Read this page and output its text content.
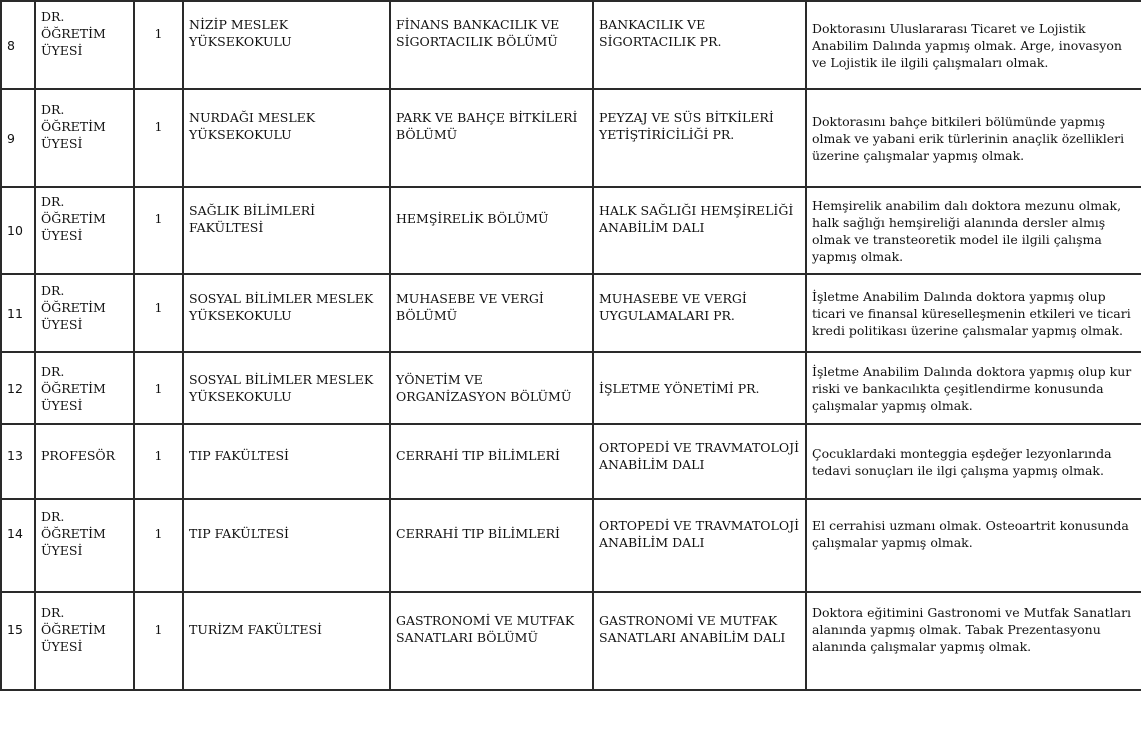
8	DR. ÖĞRETİM ÜYESİ	1	NİZİP MESLEK YÜKSEKOKULU	FİNANS BANKACILIK VE SİGORTACILIK BÖLÜMÜ	BANKACILIK VE SİGORTACILIK PR.	Doktorasını Uluslararası Ticaret ve Lojistik Anabilim Dalında yapmış olmak. Arge, inovasyon ve Lojistik ile ilgili çalışmaları olmak.
9	DR. ÖĞRETİM ÜYESİ	1	NURDAĞI MESLEK YÜKSEKOKULU	PARK VE BAHÇE BİTKİLERİ BÖLÜMÜ	PEYZAJ VE SÜS BİTKİLERİ YETİŞTİRİCİLİĞİ PR.	Doktorasını bahçe bitkileri bölümünde yapmış olmak ve yabani erik türlerinin anaçlik özellikleri üzerine çalışmalar yapmış olmak.
10	DR. ÖĞRETİM ÜYESİ	1	SAĞLIK BİLİMLERİ FAKÜLTESİ	HEMŞİRELİK BÖLÜMÜ	HALK SAĞLIĞI HEMŞİRELİĞİ ANABİLİM DALI	Hemşirelik anabilim dalı doktora mezunu olmak, halk sağlığı hemşireliği alanında dersler almış olmak ve transteoretik model ile ilgili çalışma yapmış olmak.
11	DR. ÖĞRETİM ÜYESİ	1	SOSYAL BİLİMLER MESLEK YÜKSEKOKULU	MUHASEBE VE VERGİ BÖLÜMÜ	MUHASEBE VE VERGİ UYGULAMALARI PR.	İşletme Anabilim Dalında doktora yapmış olup ticari ve finansal küreselleşmenin etkileri ve ticari kredi politikası üzerine çalısmalar yapmış olmak.
12	DR. ÖĞRETİM ÜYESİ	1	SOSYAL BİLİMLER MESLEK YÜKSEKOKULU	YÖNETİM VE ORGANİZASYON BÖLÜMÜ	İŞLETME YÖNETİMİ PR.	İşletme Anabilim Dalında doktora yapmış olup kur riski ve bankacılıkta çeşitlendirme konusunda çalışmalar yapmış olmak.

13	PROFESÖR	1	TIP FAKÜLTESİ	CERRAHİ TIP BİLİMLERİ	ORTOPEDİ VE TRAVMATOLOJİ ANABİLİM DALI	Çocuklardaki monteggia eşdeğer lezyonlarında tedavi sonuçları ile ilgi çalışma yapmış olmak.

14	DR. ÖĞRETİM ÜYESİ	1	TIP FAKÜLTESİ	CERRAHİ TIP BİLİMLERİ	ORTOPEDİ VE TRAVMATOLOJİ ANABİLİM DALI	El cerrahisi uzmanı olmak. Osteoartrit konusunda çalışmalar yapmış olmak.

15	DR. ÖĞRETİM ÜYESİ	1	TURİZM FAKÜLTESİ	GASTRONOMİ VE MUTFAK SANATLARI BÖLÜMÜ	GASTRONOMİ VE MUTFAK SANATLARI ANABİLİM DALI	Doktora eğitimini Gastronomi ve Mutfak Sanatları alanında yapmış olmak. Tabak Prezentasyonu alanında çalışmalar yapmış olmak.
